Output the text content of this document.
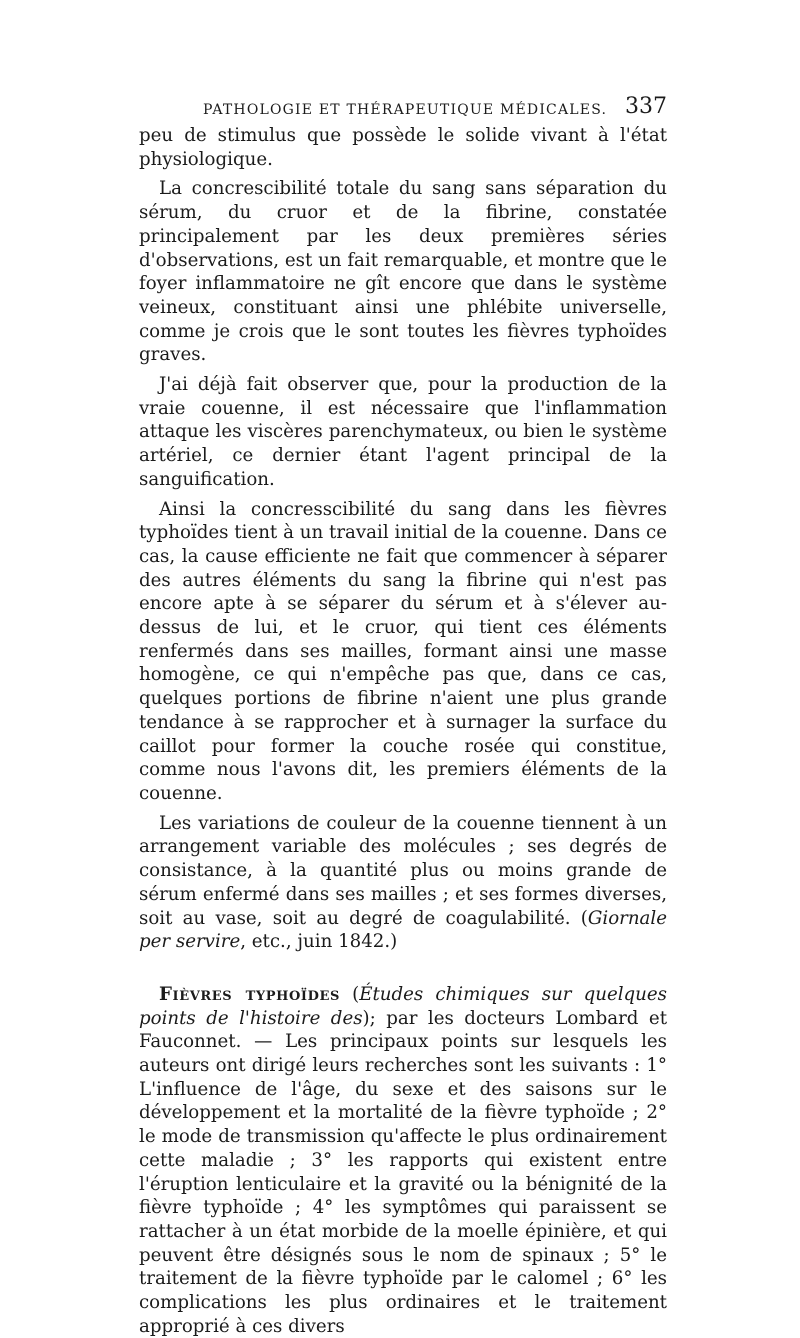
PATHOLOGIE ET THÉRAPEUTIQUE MÉDICALES. 337

peu de stimulus que possède le solide vivant à l'état physiologique.

La concrescibilité totale du sang sans séparation du sérum, du cruor et de la fibrine, constatée principalement par les deux premières séries d'observations, est un fait remarquable, et montre que le foyer inflammatoire ne gît encore que dans le système veineux, constituant ainsi une phlébite universelle, comme je crois que le sont toutes les fièvres typhoïdes graves.

J'ai déjà fait observer que, pour la production de la vraie couenne, il est nécessaire que l'inflammation attaque les viscères parenchymateux, ou bien le système artériel, ce dernier étant l'agent principal de la sanguification.

Ainsi la concresscibilité du sang dans les fièvres typhoïdes tient à un travail initial de la couenne. Dans ce cas, la cause efficiente ne fait que commencer à séparer des autres éléments du sang la fibrine qui n'est pas encore apte à se séparer du sérum et à s'élever au-dessus de lui, et le cruor, qui tient ces éléments renfermés dans ses mailles, formant ainsi une masse homogène, ce qui n'empêche pas que, dans ce cas, quelques portions de fibrine n'aient une plus grande tendance à se rapprocher et à surnager la surface du caillot pour former la couche rosée qui constitue, comme nous l'avons dit, les premiers éléments de la couenne.

Les variations de couleur de la couenne tiennent à un arrangement variable des molécules ; ses degrés de consistance, à la quantité plus ou moins grande de sérum enfermé dans ses mailles ; et ses formes diverses, soit au vase, soit au degré de coagulabilité. (Giornale per servire, etc., juin 1842.)

Fièvres typhoïdes (Études chimiques sur quelques points de l'histoire des); par les docteurs Lombard et Fauconnet. — Les principaux points sur lesquels les auteurs ont dirigé leurs recherches sont les suivants : 1° L'influence de l'âge, du sexe et des saisons sur le développement et la mortalité de la fièvre typhoïde ; 2° le mode de transmission qu'affecte le plus ordinairement cette maladie ; 3° les rapports qui existent entre l'éruption lenticulaire et la gravité ou la bénignité de la fièvre typhoïde ; 4° les symptômes qui paraissent se rattacher à un état morbide de la moelle épinière, et qui peuvent être désignés sous le nom de spinaux ; 5° le traitement de la fièvre typhoïde par le calomel ; 6° les complications les plus ordinaires et le traitement approprié à ces divers
